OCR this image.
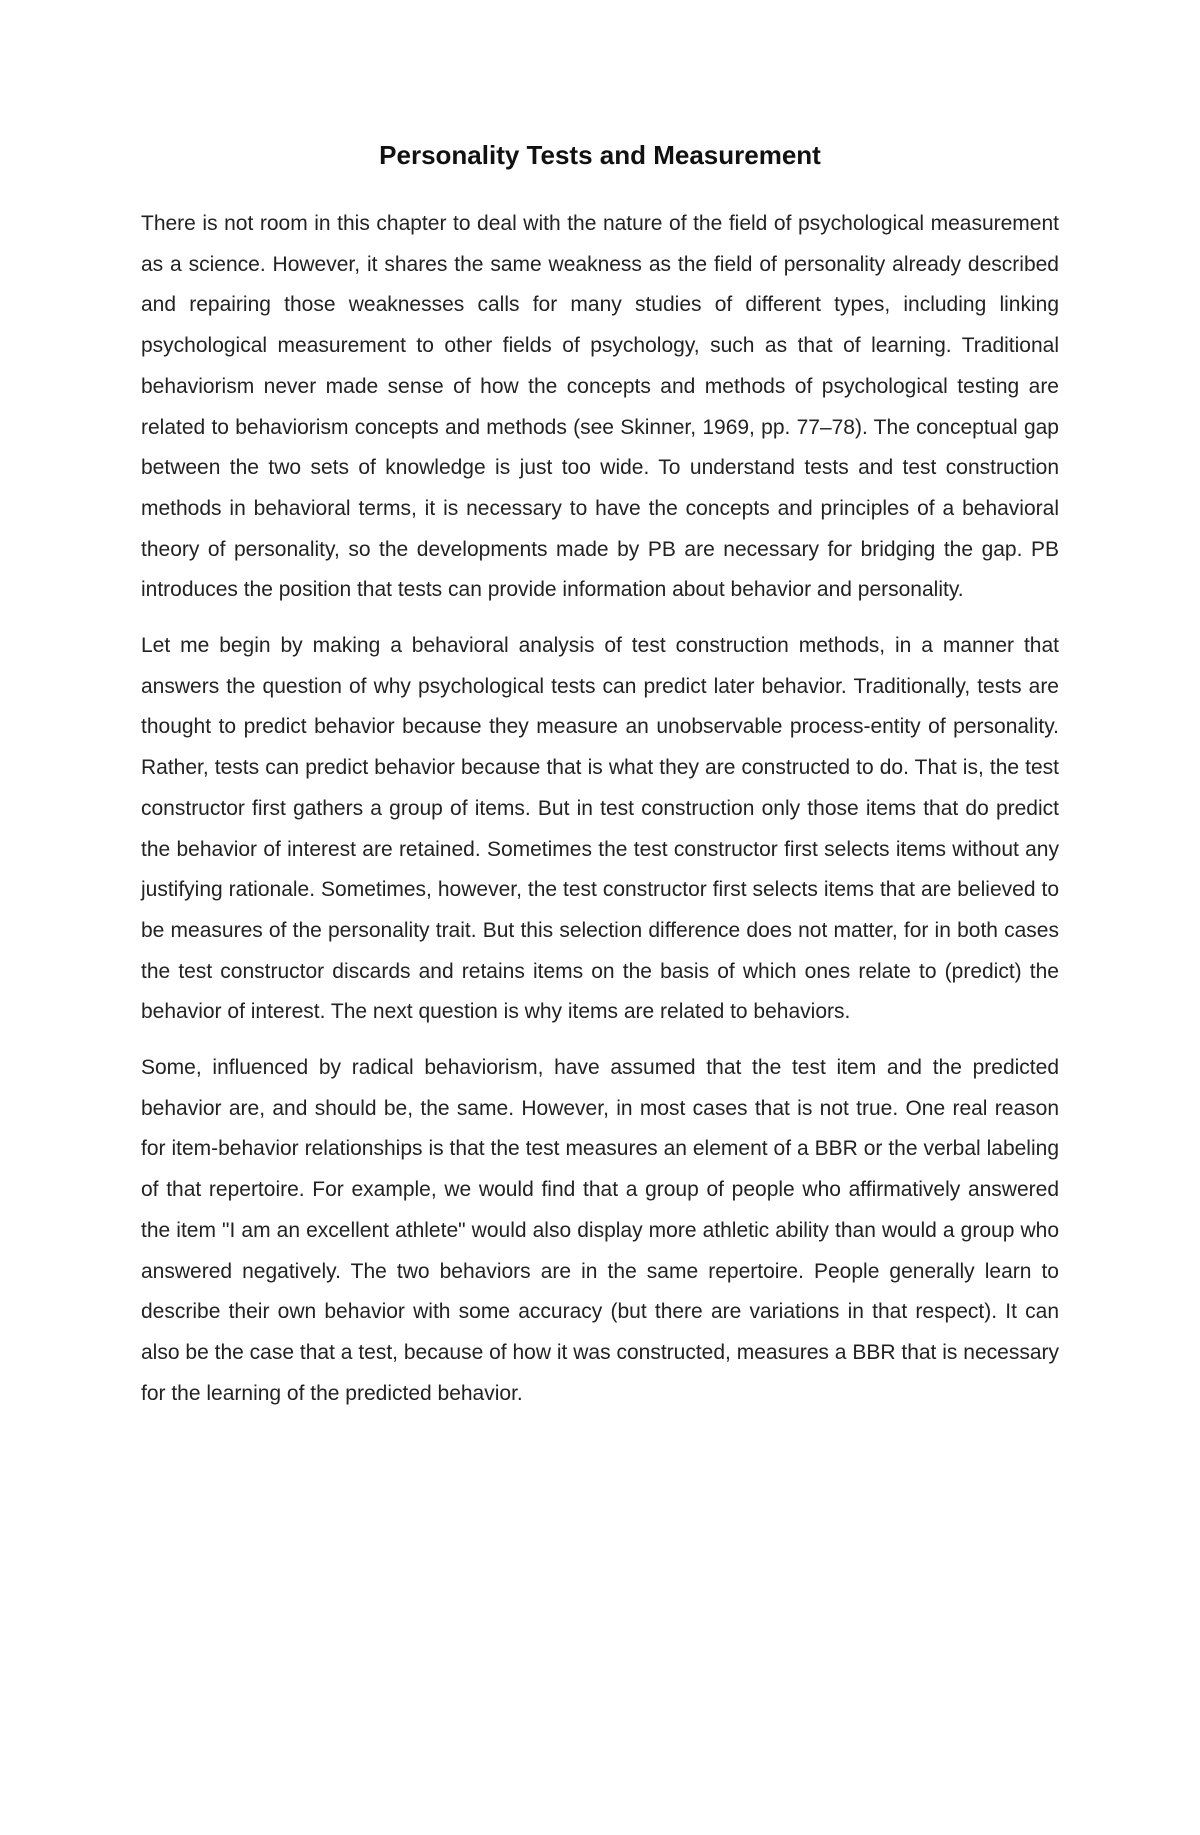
Personality Tests and Measurement

There is not room in this chapter to deal with the nature of the field of psychological measurement as a science. However, it shares the same weakness as the field of personality already described and repairing those weaknesses calls for many studies of different types, including linking psychological measurement to other fields of psychology, such as that of learning. Traditional behaviorism never made sense of how the concepts and methods of psychological testing are related to behaviorism concepts and methods (see Skinner, 1969, pp. 77–78). The conceptual gap between the two sets of knowledge is just too wide. To understand tests and test construction methods in behavioral terms, it is necessary to have the concepts and principles of a behavioral theory of personality, so the developments made by PB are necessary for bridging the gap. PB introduces the position that tests can provide information about behavior and personality.

Let me begin by making a behavioral analysis of test construction methods, in a manner that answers the question of why psychological tests can predict later behavior. Traditionally, tests are thought to predict behavior because they measure an unobservable process-entity of personality. Rather, tests can predict behavior because that is what they are constructed to do. That is, the test constructor first gathers a group of items. But in test construction only those items that do predict the behavior of interest are retained. Sometimes the test constructor first selects items without any justifying rationale. Sometimes, however, the test constructor first selects items that are believed to be measures of the personality trait. But this selection difference does not matter, for in both cases the test constructor discards and retains items on the basis of which ones relate to (predict) the behavior of interest. The next question is why items are related to behaviors.

Some, influenced by radical behaviorism, have assumed that the test item and the predicted behavior are, and should be, the same. However, in most cases that is not true. One real reason for item-behavior relationships is that the test measures an element of a BBR or the verbal labeling of that repertoire. For example, we would find that a group of people who affirmatively answered the item "I am an excellent athlete" would also display more athletic ability than would a group who answered negatively. The two behaviors are in the same repertoire. People generally learn to describe their own behavior with some accuracy (but there are variations in that respect). It can also be the case that a test, because of how it was constructed, measures a BBR that is necessary for the learning of the predicted behavior.
